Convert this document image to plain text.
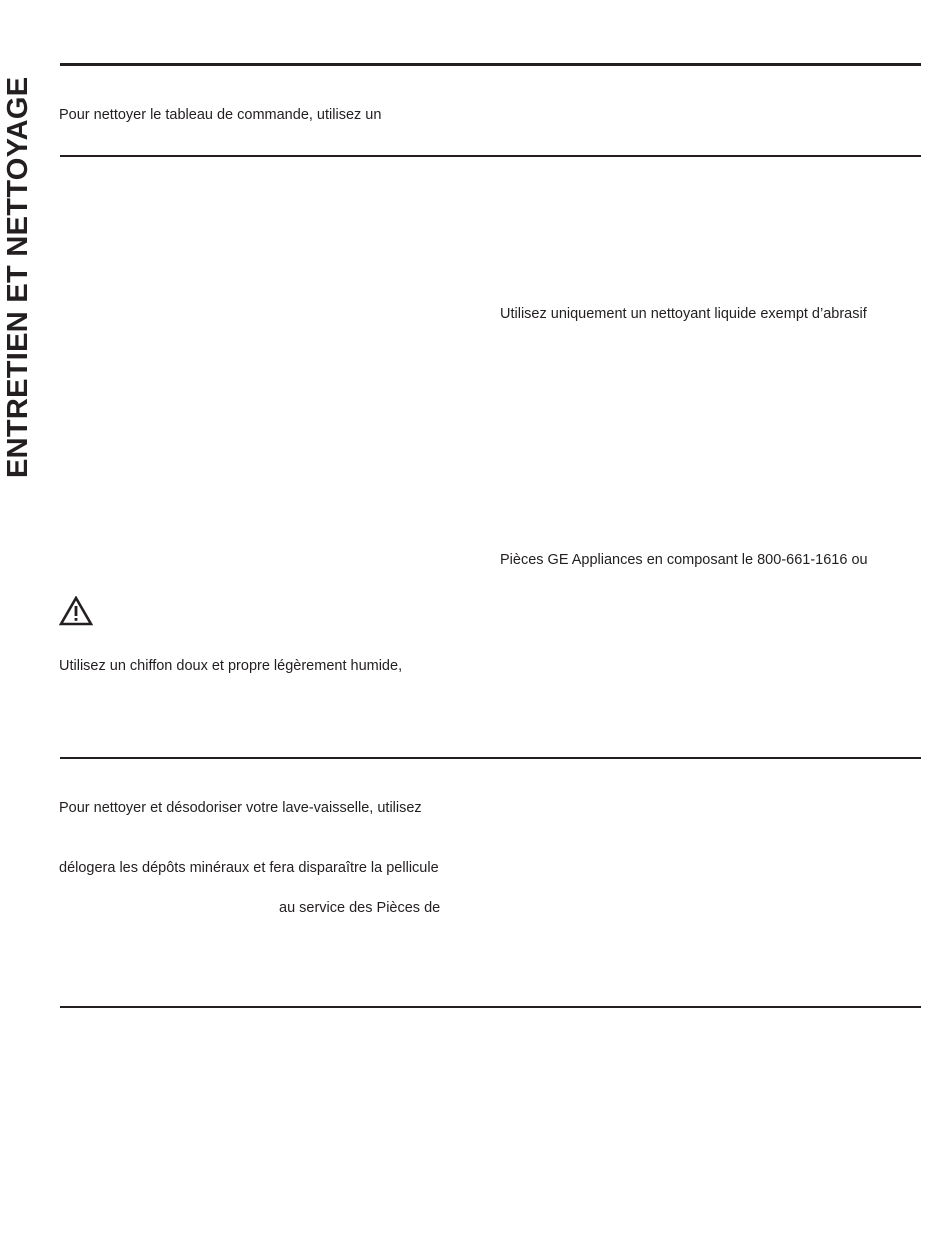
ENTRETIEN ET NETTOYAGE Pour nettoyer le tableau de commande, utilisez un
Utilisez uniquement un nettoyant liquide exempt d’abrasif
Pièces GE Appliances en composant le 800-661-1616 ou
Utilisez un chiffon doux et propre légèrement humide,
Pour nettoyer et désodoriser votre lave-vaisselle, utilisez
délogera les dépôts minéraux et fera disparaître la pellicule
au service des Pièces de
